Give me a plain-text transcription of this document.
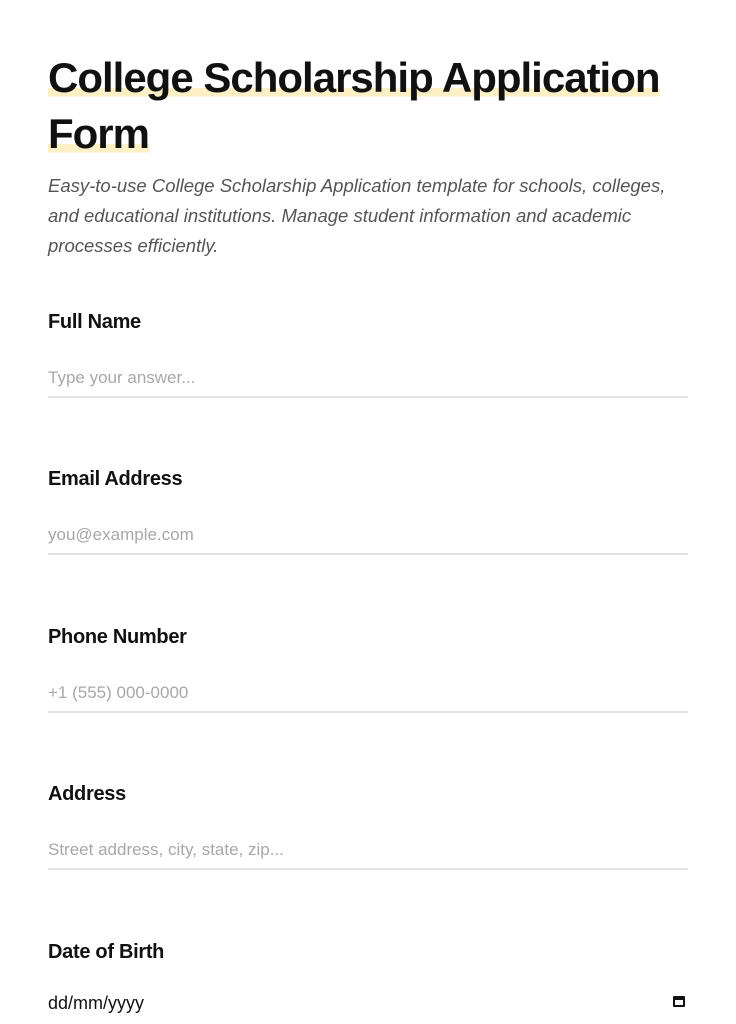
College Scholarship Application Form

Easy-to-use College Scholarship Application template for schools, colleges, and educational institutions. Manage student information and academic processes efficiently.

Full Name
Type your answer...
Email Address
you@example.com
Phone Number
+1 (555) 000-0000
Address
Street address, city, state, zip...
Date of Birth
dd/mm/yyyy
